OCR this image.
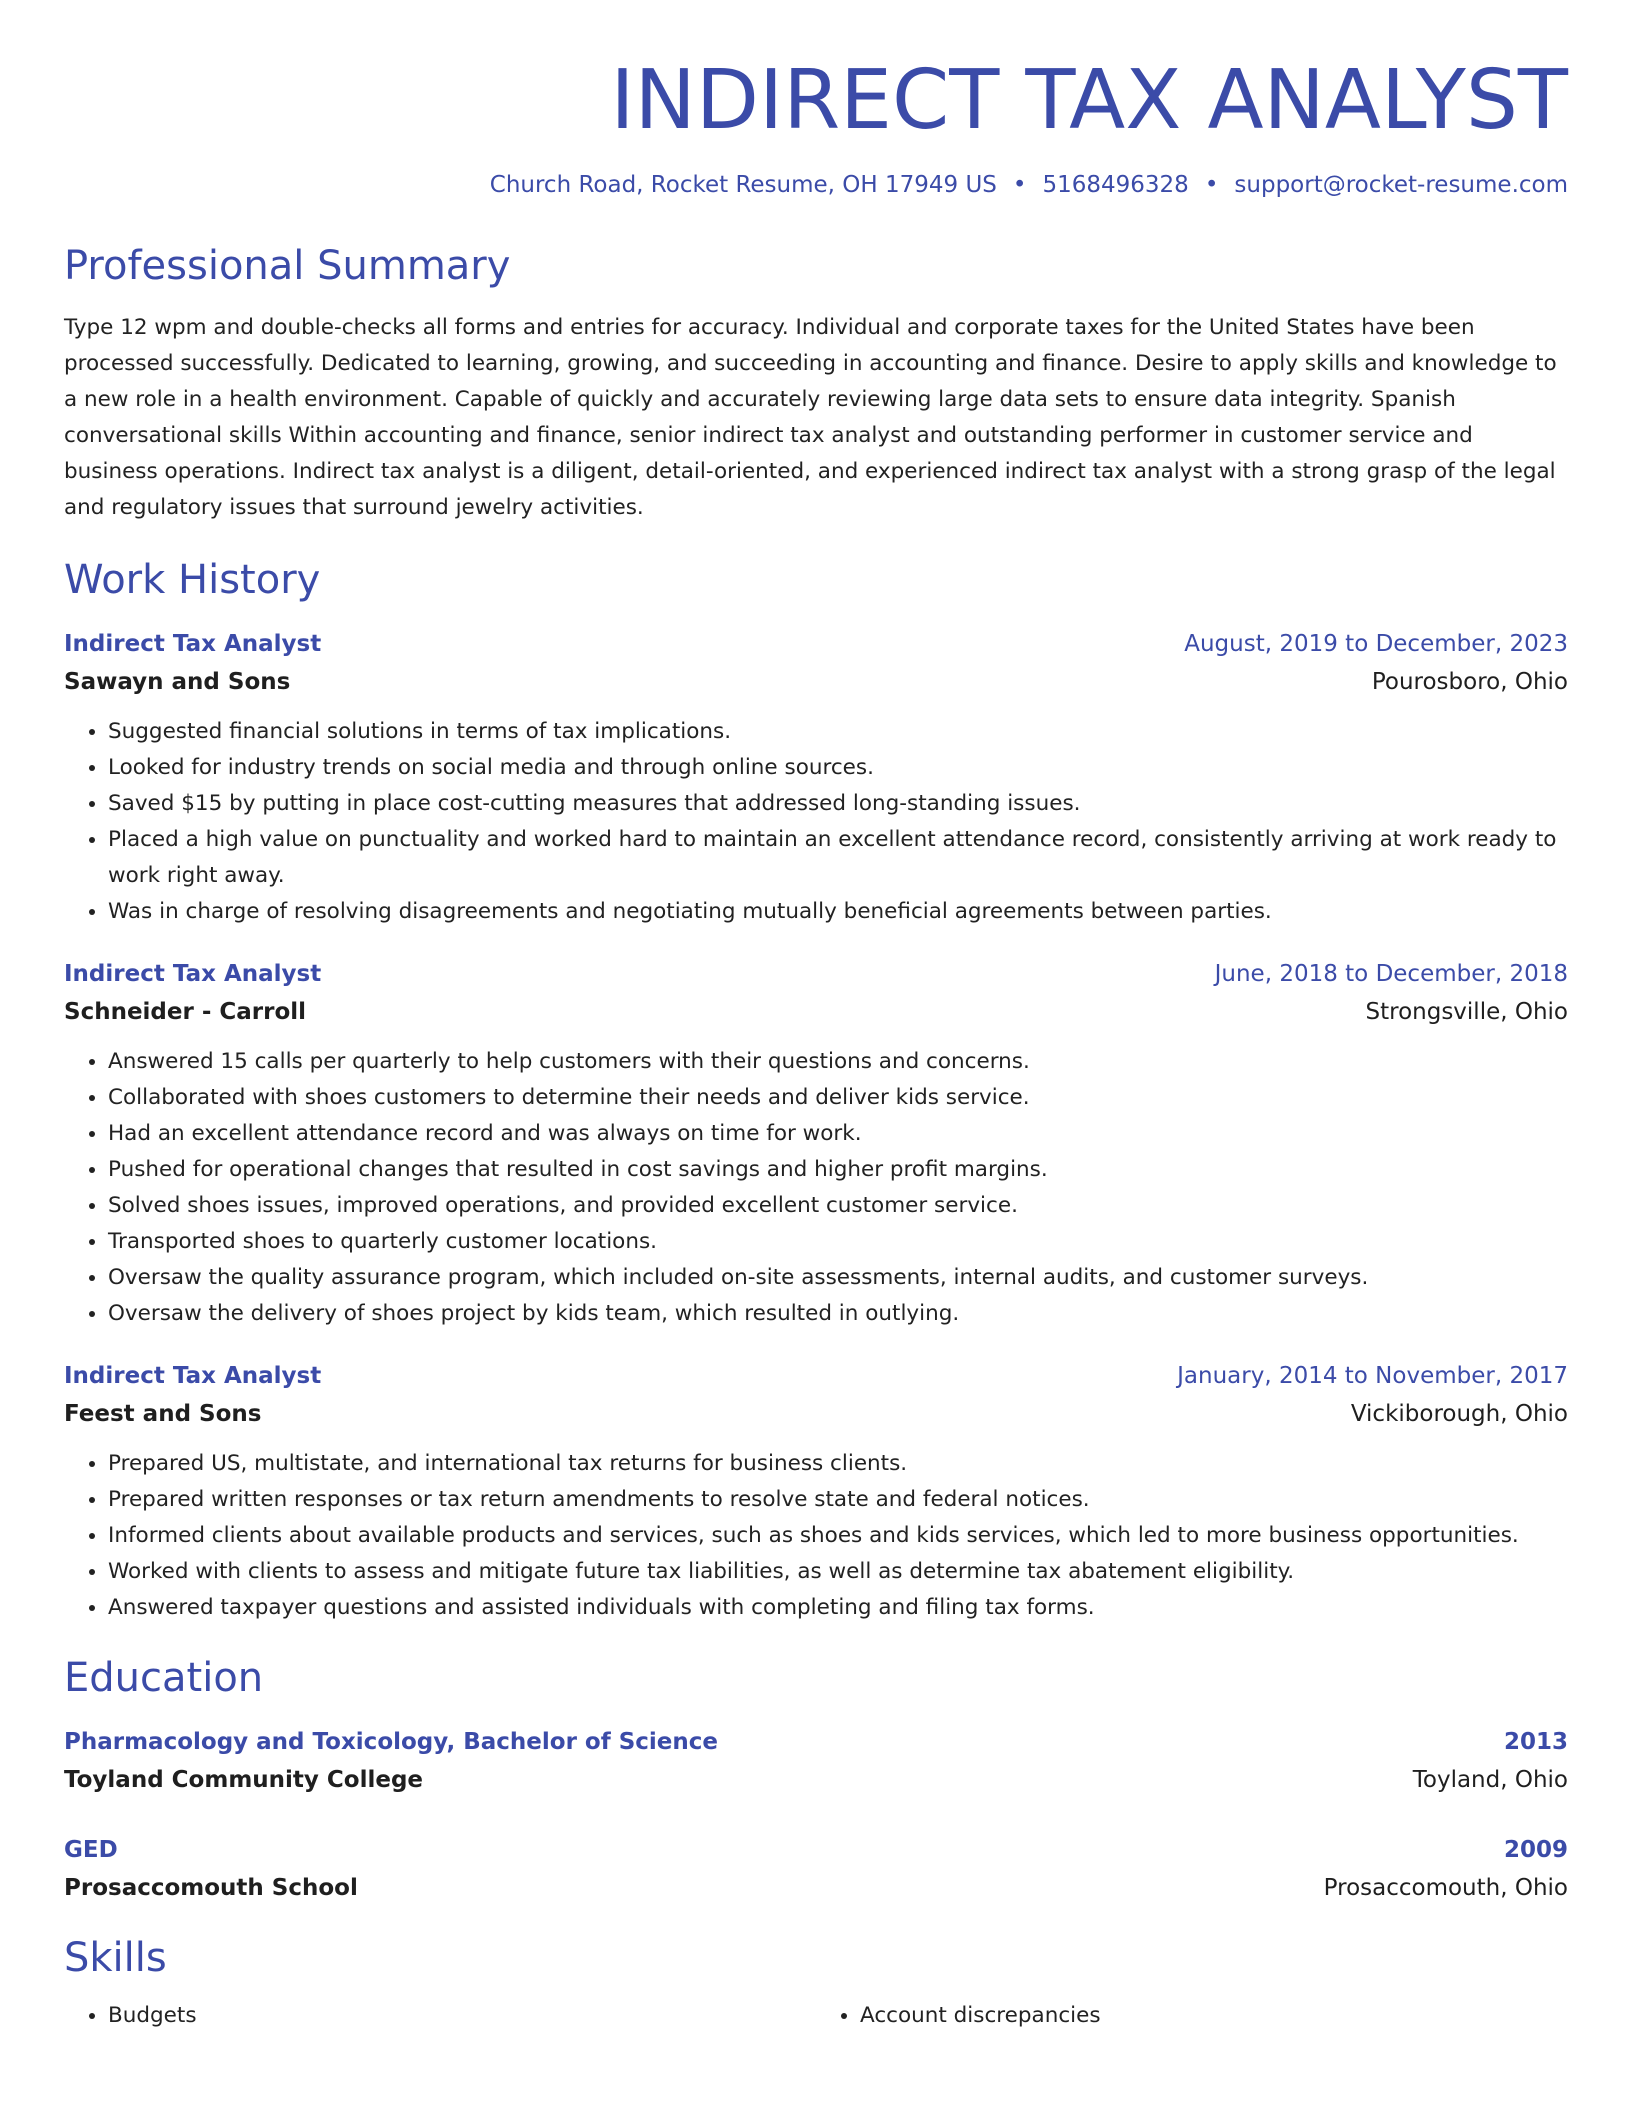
INDIRECT TAX ANALYST
Church Road, Rocket Resume, OH 17949 US • 5168496328 • support@rocket-resume.com
Professional Summary
Type 12 wpm and double-checks all forms and entries for accuracy. Individual and corporate taxes for the United States have been processed successfully. Dedicated to learning, growing, and succeeding in accounting and finance. Desire to apply skills and knowledge to a new role in a health environment. Capable of quickly and accurately reviewing large data sets to ensure data integrity. Spanish conversational skills Within accounting and finance, senior indirect tax analyst and outstanding performer in customer service and business operations. Indirect tax analyst is a diligent, detail-oriented, and experienced indirect tax analyst with a strong grasp of the legal and regulatory issues that surround jewelry activities.
Work History
Indirect Tax Analyst	August, 2019 to December, 2023
Sawayn and Sons	Pourosboro, Ohio
• Suggested financial solutions in terms of tax implications.
• Looked for industry trends on social media and through online sources.
• Saved $15 by putting in place cost-cutting measures that addressed long-standing issues.
• Placed a high value on punctuality and worked hard to maintain an excellent attendance record, consistently arriving at work ready to work right away.
• Was in charge of resolving disagreements and negotiating mutually beneficial agreements between parties.
Indirect Tax Analyst	June, 2018 to December, 2018
Schneider - Carroll	Strongsville, Ohio
• Answered 15 calls per quarterly to help customers with their questions and concerns.
• Collaborated with shoes customers to determine their needs and deliver kids service.
• Had an excellent attendance record and was always on time for work.
• Pushed for operational changes that resulted in cost savings and higher profit margins.
• Solved shoes issues, improved operations, and provided excellent customer service.
• Transported shoes to quarterly customer locations.
• Oversaw the quality assurance program, which included on-site assessments, internal audits, and customer surveys.
• Oversaw the delivery of shoes project by kids team, which resulted in outlying.
Indirect Tax Analyst	January, 2014 to November, 2017
Feest and Sons	Vickiborough, Ohio
• Prepared US, multistate, and international tax returns for business clients.
• Prepared written responses or tax return amendments to resolve state and federal notices.
• Informed clients about available products and services, such as shoes and kids services, which led to more business opportunities.
• Worked with clients to assess and mitigate future tax liabilities, as well as determine tax abatement eligibility.
• Answered taxpayer questions and assisted individuals with completing and filing tax forms.
Education
Pharmacology and Toxicology, Bachelor of Science	2013
Toyland Community College	Toyland, Ohio
GED	2009
Prosaccomouth School	Prosaccomouth, Ohio
Skills
• Budgets
•	Account discrepancies
